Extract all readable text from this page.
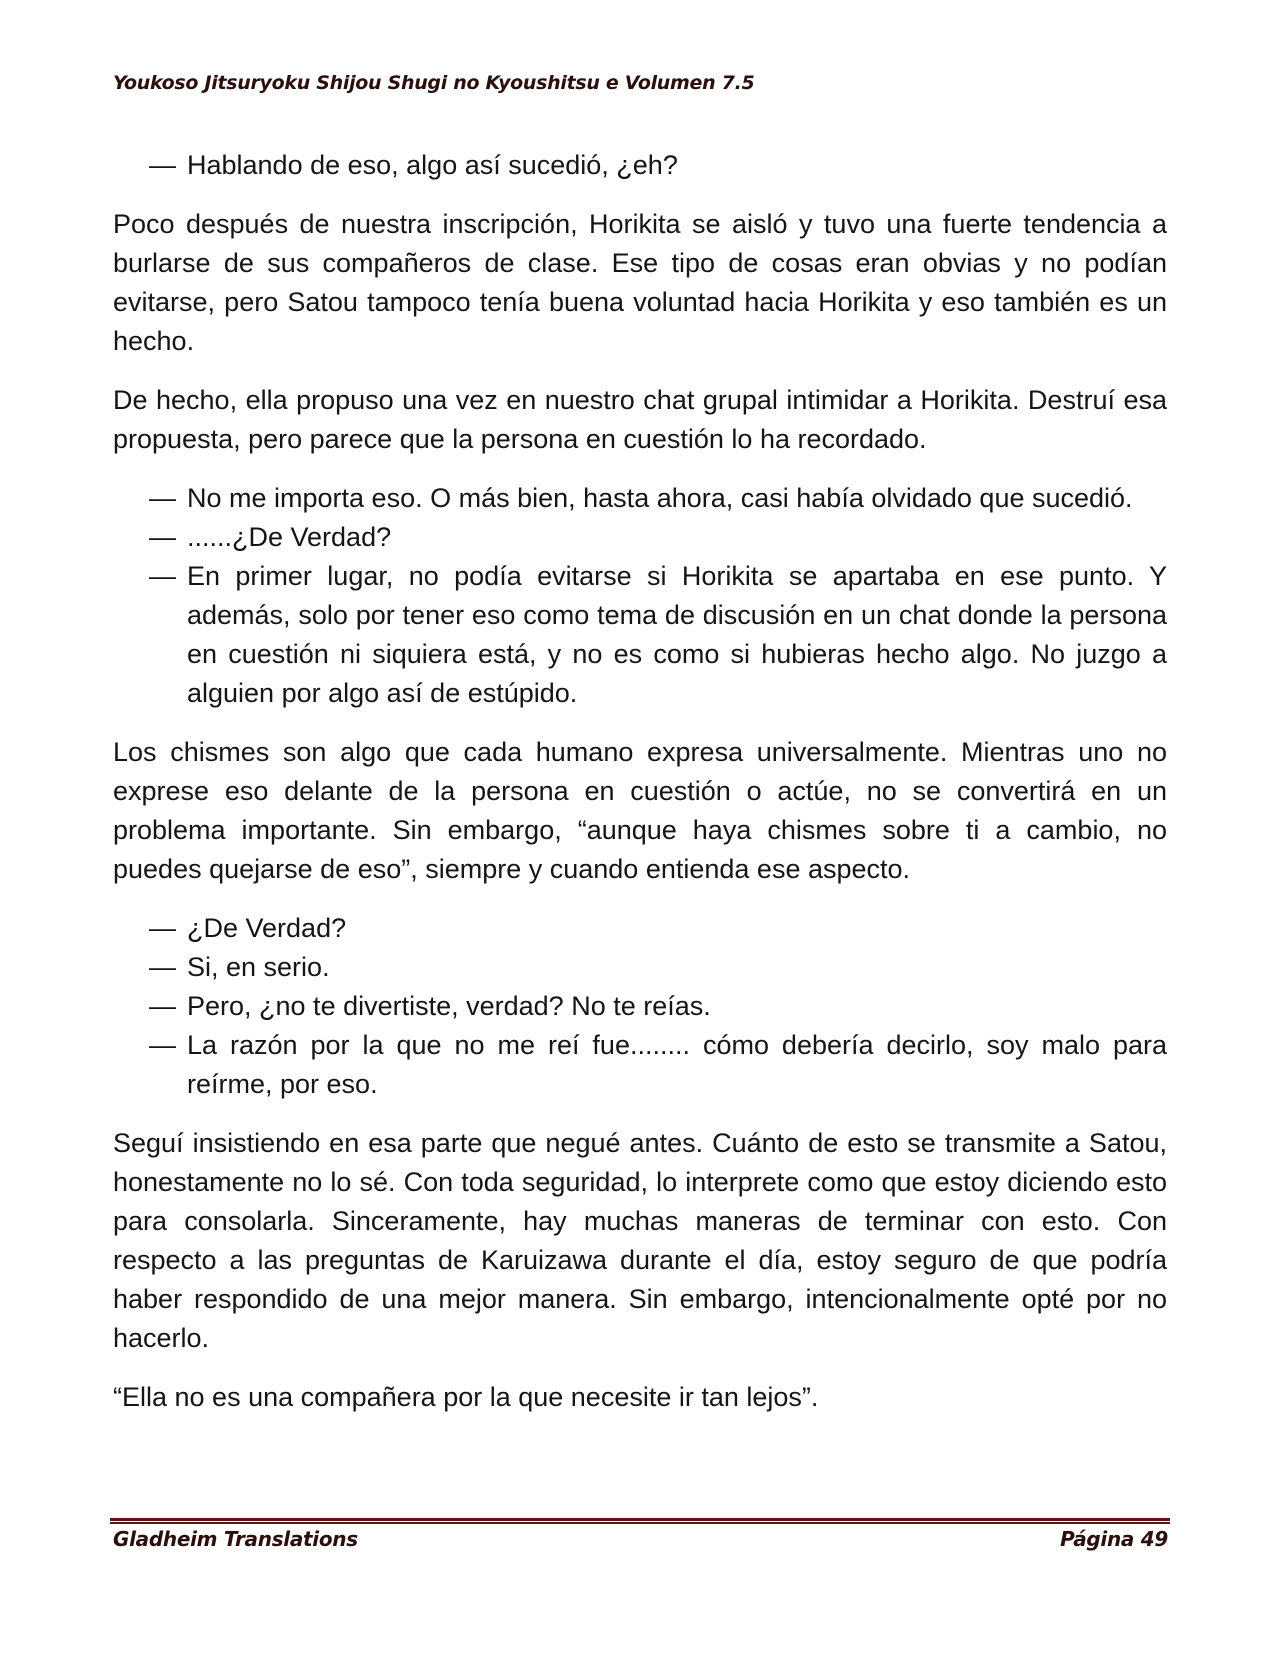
Youkoso Jitsuryoku Shijou Shugi no Kyoushitsu e Volumen 7.5
— Hablando de eso, algo así sucedió, ¿eh?

Poco después de nuestra inscripción, Horikita se aisló y tuvo una fuerte tendencia a burlarse de sus compañeros de clase. Ese tipo de cosas eran obvias y no podían evitarse, pero Satou tampoco tenía buena voluntad hacia Horikita y eso también es un hecho.

De hecho, ella propuso una vez en nuestro chat grupal intimidar a Horikita. Destruí esa propuesta, pero parece que la persona en cuestión lo ha recordado.

— No me importa eso. O más bien, hasta ahora, casi había olvidado que sucedió.
— ......¿De Verdad?
— En primer lugar, no podía evitarse si Horikita se apartaba en ese punto. Y además, solo por tener eso como tema de discusión en un chat donde la persona en cuestión ni siquiera está, y no es como si hubieras hecho algo. No juzgo a alguien por algo así de estúpido.

Los chismes son algo que cada humano expresa universalmente. Mientras uno no exprese eso delante de la persona en cuestión o actúe, no se convertirá en un problema importante. Sin embargo, “aunque haya chismes sobre ti a cambio, no puedes quejarse de eso”, siempre y cuando entienda ese aspecto.

— ¿De Verdad?
— Si, en serio.
— Pero, ¿no te divertiste, verdad? No te reías.
— La razón por la que no me reí fue........ cómo debería decirlo, soy malo para reírme, por eso.

Seguí insistiendo en esa parte que negué antes. Cuánto de esto se transmite a Satou, honestamente no lo sé. Con toda seguridad, lo interprete como que estoy diciendo esto para consolarla. Sinceramente, hay muchas maneras de terminar con esto. Con respecto a las preguntas de Karuizawa durante el día, estoy seguro de que podría haber respondido de una mejor manera. Sin embargo, intencionalmente opté por no hacerlo.

“Ella no es una compañera por la que necesite ir tan lejos”.

Gladheim Translations	Página 49
